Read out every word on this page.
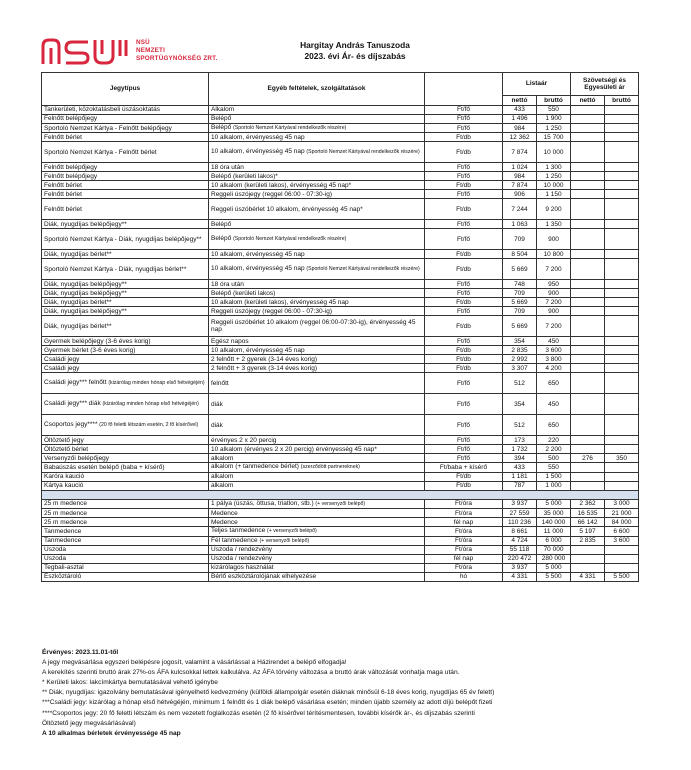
NSÜ
NEMZETI
SPORTÜGYNÖKSÉG ZRT.
Hargitay András Tanuszoda
2023. évi Ár- és díjszabás
Jegytípus	Egyéb feltételek, szolgáltatások		Listaár		Szövetségi és Egyesületi ár	
			nettó	bruttó	nettó	bruttó
Tankerületi, közoktatásbeli úszásoktatás	Alkalom	Ft/fő	433	550		
Felnőtt belépőjegy	Belépő	Ft/fő	1 496	1 900		
Sportoló Nemzet Kártya - Felnőtt belépőjegy	Belépő (Sportoló Nemzet Kártyával rendelkezők részére)	Ft/fő	984	1 250		
Felnőtt bérlet	10 alkalom, érvényesség 45 nap	Ft/db	12 362	15 700		
Sportoló Nemzet Kártya - Felnőtt bérlet	10 alkalom, érvényesség 45 nap (Sportoló Nemzet Kártyával rendelkezők részére)	Ft/db	7 874	10 000		
Felnőtt belépőjegy	18 óra után	Ft/fő	1 024	1 300		
Felnőtt belépőjegy	Belépő (kerületi lakos)*	Ft/fő	984	1 250		
Felnőtt bérlet	10 alkalom (kerületi lakos), érvényesség 45 nap*	Ft/db	7 874	10 000		
Felnőtt bérlet	Reggeli úszójegy (reggel 06:00 - 07:30-ig)	Ft/fő	906	1 150		
Felnőtt bérlet	Reggeli úszóbérlet 10 alkalom, érvényesség 45 nap*	Ft/db	7 244	9 200		
Diák, nyugdíjas belépőjegy**	Belépő	Ft/fő	1 063	1 350		
Sportoló Nemzet Kártya - Diák, nyugdíjas belépőjegy**	Belépő (Sportoló Nemzet Kártyával rendelkezők részére)	Ft/fő	709	900		
Diák, nyugdíjas bérlet**	10 alkalom, érvényesség 45 nap	Ft/db	8 504	10 800		
Sportoló Nemzet Kártya - Diák, nyugdíjas bérlet**	10 alkalom, érvényesség 45 nap (Sportoló Nemzet Kártyával rendelkezők részére)	Ft/db	5 669	7 200		
Diák, nyugdíjas belépőjegy**	18 óra után	Ft/fő	748	950		
Diák, nyugdíjas belépőjegy**	Belépő (kerületi lakos)	Ft/fő	709	900		
Diák, nyugdíjas bérlet**	10 alkalom (kerületi lakos), érvényesség 45 nap	Ft/db	5 669	7 200		
Diák, nyugdíjas belépőjegy**	Reggeli úszójegy (reggel 06:00 - 07:30-ig)	Ft/fő	709	900		
Diák, nyugdíjas bérlet**	Reggeli úszóbérlet 10 alkalom (reggel 06:00-07:30-ig), érvényesség 45 nap	Ft/db	5 669	7 200		
Gyermek belépőjegy (3-6 éves korig)	Egész napos	Ft/fő	354	450		
Gyermek bérlet (3-6 éves korig)	10 alkalom, érvényesség 45 nap	Ft/db	2 835	3 600		
Családi jegy	2 felnőtt + 2 gyerek (3-14 éves korig)	Ft/db	2 992	3 800		
Családi jegy	2 felnőtt + 3 gyerek (3-14 éves korig)	Ft/db	3 307	4 200		
Családi jegy*** felnőtt (kizárólag minden hónap első hétvégéjén)	felnőtt	Ft/fő	512	650		
Családi jegy*** diák (kizárólag minden hónap első hétvégéjén)	diák	Ft/fő	354	450		
Csoportos jegy**** (20 fő feletti létszám esetén, 2 fő kísérővel)	diák	Ft/fő	512	650		
Öltöztető jegy	érvényes 2 x 20 percig	Ft/fő	173	220		
Öltöztető bérlet	10 alkalom (érvényes 2 x 20 percig) érvényesség 45 nap*	Ft/fő	1 732	2 200		
Versenyzői belépőjegy	alkalom	Ft/fő	394	500	276	350
Babaúszás esetén belépő (baba + kísérő)	alkalom (+ tanmedence bérlet) (szerződött partnereknek)	Ft/baba + kísérő	433	550		
Karóra kaució	alkalom	Ft/db	1 181	1 500		
Kártya kaució	alkalom	Ft/db	787	1 000		

25 m medence	1 pálya (úszás, öttusa, triatlon, stb.) (+ versenyzői belépő)	Ft/óra	3 937	5 000	2 362	3 000
25 m medence	Medence	Ft/óra	27 559	35 000	16 535	21 000
25 m medence	Medence	fél nap	110 236	140 000	66 142	84 000
Tanmedence	Teljes tanmedence (+ versenyzői belépő)	Ft/óra	8 661	11 000	5 197	6 600
Tanmedence	Fél tanmedence (+ versenyzői belépő)	Ft/óra	4 724	6 000	2 835	3 600
Uszoda	Uszoda / rendezvény	Ft/óra	55 118	70 000		
Uszoda	Uszoda / rendezvény	fél nap	220 472	280 000		
Tegbali-asztal	kizárólagos használat	Ft/óra	3 937	5 000		
Eszköztároló	Bérlő eszköztárolójának elhelyezése	hó	4 331	5 500	4 331	5 500
Érvényes: 2023.11.01-től
A jegy megvásárlása egyszeri belépésre jogosít, valamint a vásárlással a Házirendet a belépő elfogadja!
A kerekítés szerinti bruttó árak 27%-os ÁFA kulcsokkal lettek kalkulálva. Az ÁFA törvény változása a bruttó árak változását vonhatja maga után.
* Kerületi lakos: lakcímkártya bemutatásával vehető igénybe
** Diák, nyugdíjas: igazolvány bemutatásával igényelhető kedvezmény (külföldi állampolgár esetén diáknak minősül 6-18 éves korig, nyugdíjas 65 év felett)
***Családi jegy: kizárólag a hónap első hétvégéjén, minimum 1 felnőtt és 1 diák belépő vásárlása esetén; minden újabb személy az adott díjú belépőt fizeti
****Csoportos jegy: 20 fő feletti létszám és nem vezetett foglalkozás esetén (2 fő kísérővel térítésmentesen, további kísérők ár-, és díjszabás szerinti
Öltöztető jegy megvásárlásával)
A 10 alkalmas bérletek érvényessége 45 nap
